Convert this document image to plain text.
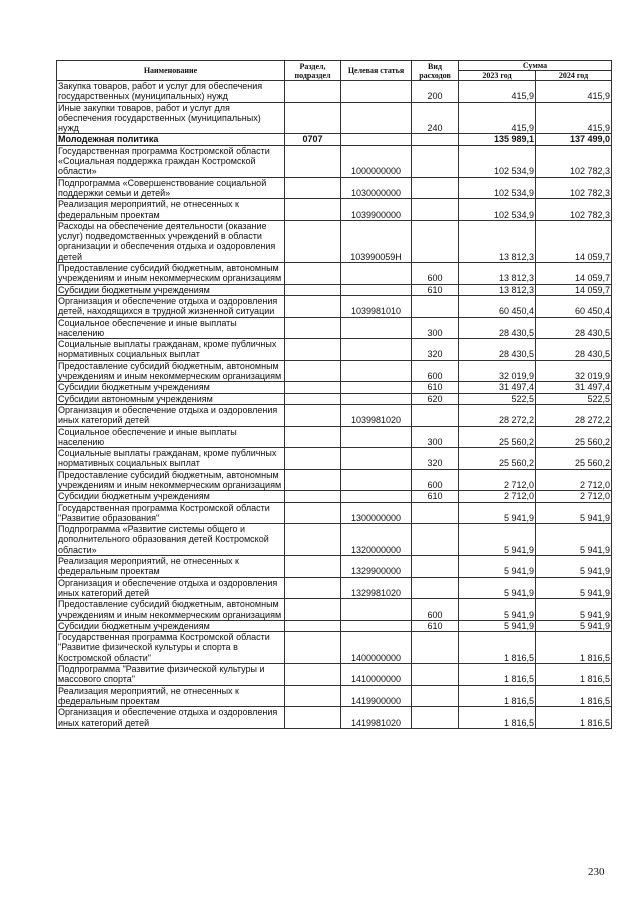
Наименование	Раздел, подраздел	Целевая статья	Вид расходов	Сумма	
				2023 год	2024 год
Закупка товаров, работ и услуг для обеспечения государственных (муниципальных) нужд			200	415,9	415,9
Иные закупки товаров, работ и услуг для обеспечения государственных (муниципальных) нужд			240	415,9	415,9
Молодежная политика	0707			135 989,1	137 499,0
Государственная программа Костромской области «Социальная поддержка граждан Костромской области»		1000000000		102 534,9	102 782,3
Подпрограмма «Совершенствование социальной поддержки семьи и детей»		1030000000		102 534,9	102 782,3
Реализация мероприятий, не отнесенных к федеральным проектам		1039900000		102 534,9	102 782,3
Расходы на обеспечение деятельности (оказание услуг) подведомственных учреждений в области организации и обеспечения отдыха и оздоровления детей		103990059Н		13 812,3	14 059,7
Предоставление субсидий бюджетным, автономным учреждениям и иным некоммерческим организациям			600	13 812,3	14 059,7
Субсидии бюджетным учреждениям			610	13 812,3	14 059,7
Организация и обеспечение отдыха и оздоровления детей, находящихся в трудной жизненной ситуации		1039981010		60 450,4	60 450,4
Социальное обеспечение и иные выплаты населению			300	28 430,5	28 430,5
Социальные выплаты гражданам, кроме публичных нормативных социальных выплат			320	28 430,5	28 430,5
Предоставление субсидий бюджетным, автономным учреждениям и иным некоммерческим организациям			600	32 019,9	32 019,9
Субсидии бюджетным учреждениям			610	31 497,4	31 497,4
Субсидии автономным учреждениям			620	522,5	522,5
Организация и обеспечение отдыха и оздоровления иных категорий детей		1039981020		28 272,2	28 272,2
Социальное обеспечение и иные выплаты населению			300	25 560,2	25 560,2
Социальные выплаты гражданам, кроме публичных нормативных социальных выплат			320	25 560,2	25 560,2
Предоставление субсидий бюджетным, автономным учреждениям и иным некоммерческим организациям			600	2 712,0	2 712,0
Субсидии бюджетным учреждениям			610	2 712,0	2 712,0
Государственная программа Костромской области "Развитие образования"		1300000000		5 941,9	5 941,9
Подпрограмма «Развитие системы общего и дополнительного образования детей Костромской области»		1320000000		5 941,9	5 941,9
Реализация мероприятий, не отнесенных к федеральным проектам		1329900000		5 941,9	5 941,9
Организация и обеспечение отдыха и оздоровления иных категорий детей		1329981020		5 941,9	5 941,9
Предоставление субсидий бюджетным, автономным учреждениям и иным некоммерческим организациям			600	5 941,9	5 941,9
Субсидии бюджетным учреждениям			610	5 941,9	5 941,9
Государственная программа Костромской области "Развитие физической культуры и спорта в Костромской области"		1400000000		1 816,5	1 816,5
Подпрограмма "Развитие физической культуры и массового спорта"		1410000000		1 816,5	1 816,5
Реализация мероприятий, не отнесенных к федеральным проектам		1419900000		1 816,5	1 816,5
Организация и обеспечение отдыха и оздоровления иных категорий детей		1419981020		1 816,5	1 816,5
230
